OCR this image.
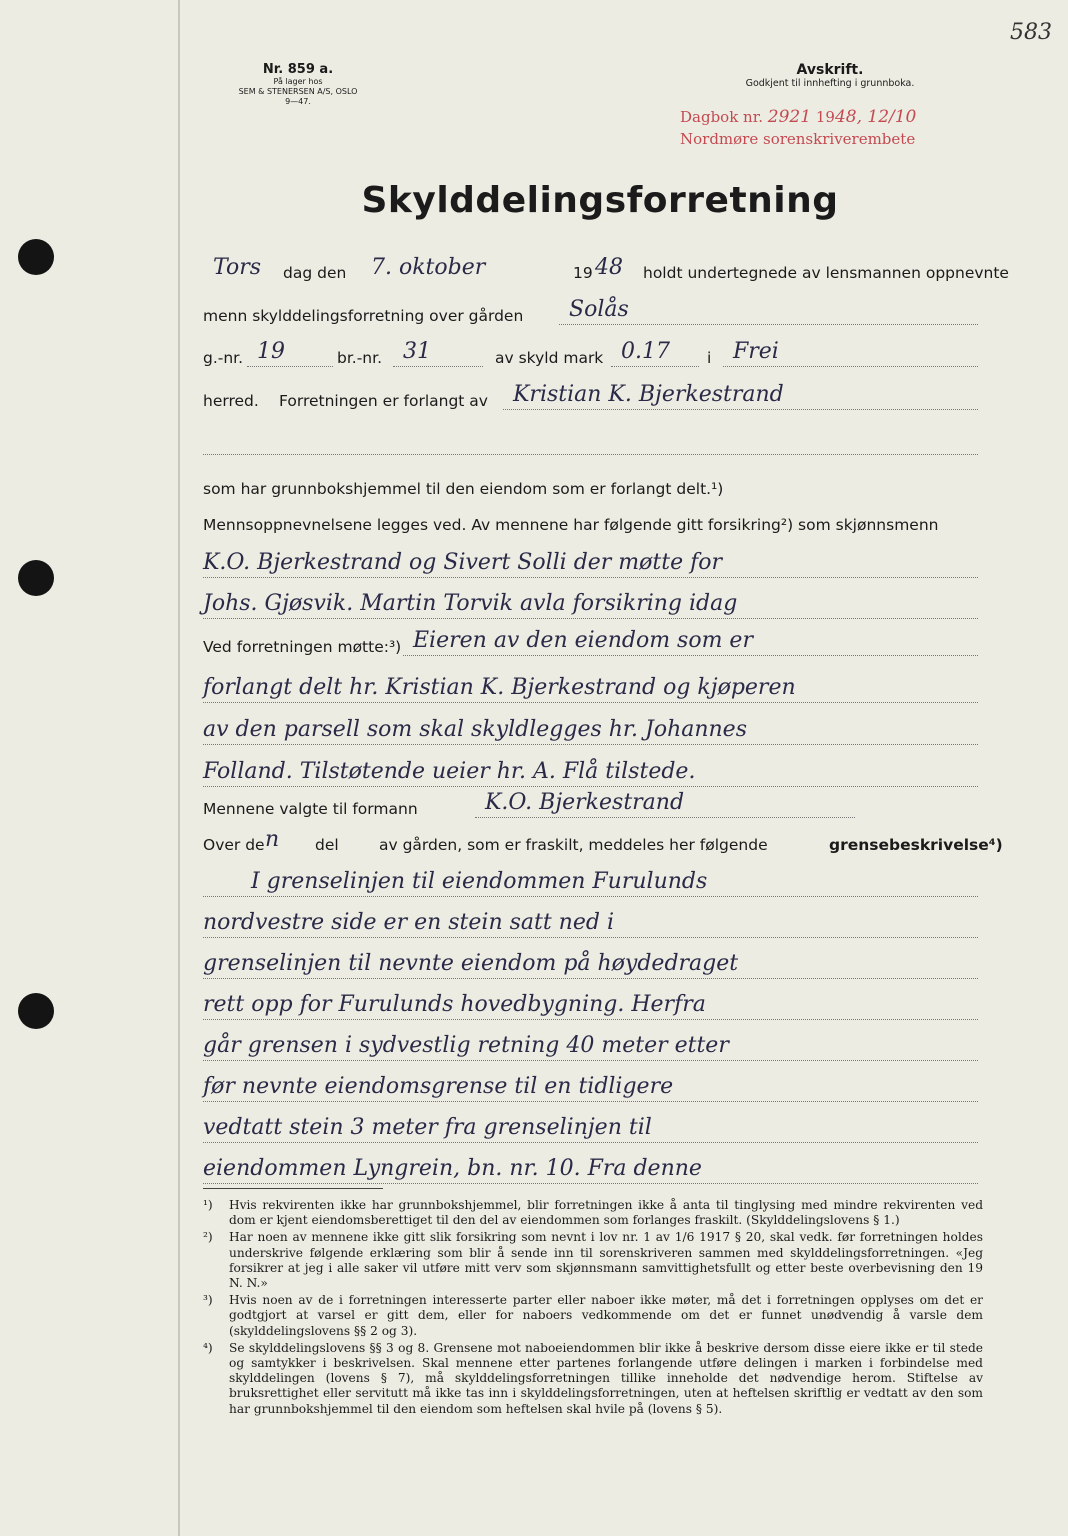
583
Nr. 859 a.
På lager hos
SEM & STENERSEN A/S, OSLO
9—47.
Avskrift.
Godkjent til innhefting i grunnboka.
Dagbok nr. 2921 1948, 12/10
Nordmøre sorenskriverembete
Skylddelingsforretning
Tors dag den 7. oktober	19 48 holdt undertegnede av lensmannen oppnevnte
menn skylddelingsforretning over gården Solås
g.-nr. 19	br.-nr. 31	av skyld mark 0.17 i Frei
herred. Forretningen er forlangt av Kristian K. Bjerkestrand
som har grunnbokshjemmel til den eiendom som er forlangt delt.¹)
Mennsoppnevnelsene legges ved. Av mennene har følgende gitt forsikring²) som skjønnsmenn
K.O. Bjerkestrand og Sivert Solli der møtte for
Johs. Gjøsvik. Martin Torvik avla forsikring idag
Ved forretningen møtte:³) Eieren av den eiendom som er
forlangt delt hr. Kristian K. Bjerkestrand og kjøperen
av den parsell som skal skyldlegges hr. Johannes
Folland. Tilstøtende ueier hr. A. Flå tilstede.
Mennene valgte til formann	K.O. Bjerkestrand
Over de n del	av gården, som er fraskilt, meddeles her følgende	grensebeskrivelse⁴)
I grenselinjen til eiendommen Furulunds
nordvestre side er en stein satt ned i
grenselinjen til nevnte eiendom på høydedraget
rett opp for Furulunds hovedbygning. Herfra
går grensen i sydvestlig retning 40 meter etter
før nevnte eiendomsgrense til en tidligere
vedtatt stein 3 meter fra grenselinjen til
eiendommen Lyngrein, bn. nr. 10. Fra denne
¹)	Hvis rekvirenten ikke har grunnbokshjemmel, blir forretningen ikke å anta til tinglysing med mindre rekvirenten ved dom er kjent eiendomsberettiget til den del av eiendommen som forlanges fraskilt. (Skylddelingslovens § 1.)
²)	Har noen av mennene ikke gitt slik forsikring som nevnt i lov nr. 1 av 1/6 1917 § 20, skal vedk. før forretningen holdes underskrive følgende erklæring som blir å sende inn til sorenskriveren sammen med skylddelingsforretningen. «Jeg forsikrer at jeg i alle saker vil utføre mitt verv som skjønnsmann samvittighetsfullt og etter beste overbevisning den 19 N. N.»
³)	Hvis noen av de i forretningen interesserte parter eller naboer ikke møter, må det i forretningen opplyses om det er godtgjort at varsel er gitt dem, eller for naboers vedkommende om det er funnet unødvendig å varsle dem (skylddelingslovens §§ 2 og 3).
⁴)	Se skylddelingslovens §§ 3 og 8. Grensene mot naboeiendommen blir ikke å beskrive dersom disse eiere ikke er til stede og samtykker i beskrivelsen. Skal mennene etter partenes forlangende utføre delingen i marken i forbindelse med skylddelingen (lovens § 7), må skylddelingsforretningen tillike inneholde det nødvendige herom. Stiftelse av bruksrettighet eller servitutt må ikke tas inn i skylddelingsforretningen, uten at heftelsen skriftlig er vedtatt av den som har grunnbokshjemmel til den eiendom som heftelsen skal hvile på (lovens § 5).
